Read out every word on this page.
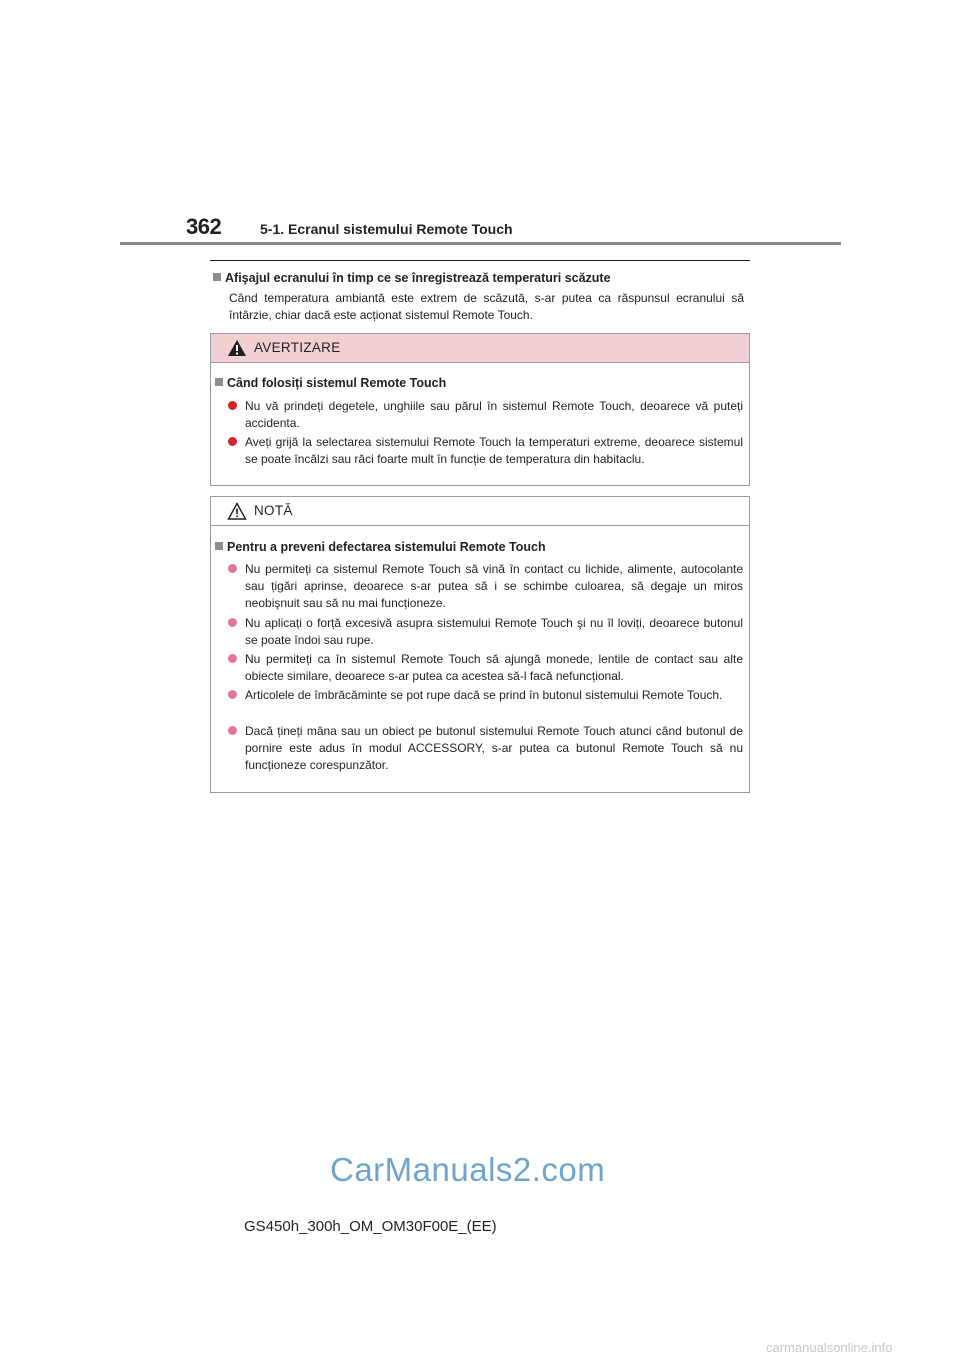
362	5-1. Ecranul sistemului Remote Touch
Afişajul ecranului în timp ce se înregistrează temperaturi scăzute
Când temperatura ambiantă este extrem de scăzută, s-ar putea ca răspunsul ecranului să întârzie, chiar dacă este acționat sistemul Remote Touch.
AVERTIZARE
Când folosiți sistemul Remote Touch
Nu vă prindeți degetele, unghiile sau părul în sistemul Remote Touch, deoarece vă puteți accidenta.
Aveți grijă la selectarea sistemului Remote Touch la temperaturi extreme, deoarece sistemul se poate încălzi sau răci foarte mult în funcție de temperatura din habitaclu.
NOTĂ
Pentru a preveni defectarea sistemului Remote Touch
Nu permiteți ca sistemul Remote Touch să vină în contact cu lichide, alimente, autocolante sau țigări aprinse, deoarece s-ar putea să i se schimbe culoarea, să degaje un miros neobişnuit sau să nu mai funcționeze.
Nu aplicați o forță excesivă asupra sistemului Remote Touch şi nu îl loviți, deoarece butonul se poate îndoi sau rupe.
Nu permiteți ca în sistemul Remote Touch să ajungă monede, lentile de contact sau alte obiecte similare, deoarece s-ar putea ca acestea să-l facă nefuncțional.
Articolele de îmbrăcăminte se pot rupe dacă se prind în butonul sistemului Remote Touch.
Dacă țineți mâna sau un obiect pe butonul sistemului Remote Touch atunci când butonul de pornire este adus în modul ACCESSORY, s-ar putea ca butonul Remote Touch să nu funcționeze corespunzător.
CarManuals2.com
GS450h_300h_OM_OM30F00E_(EE)
carmanualsonline.info
